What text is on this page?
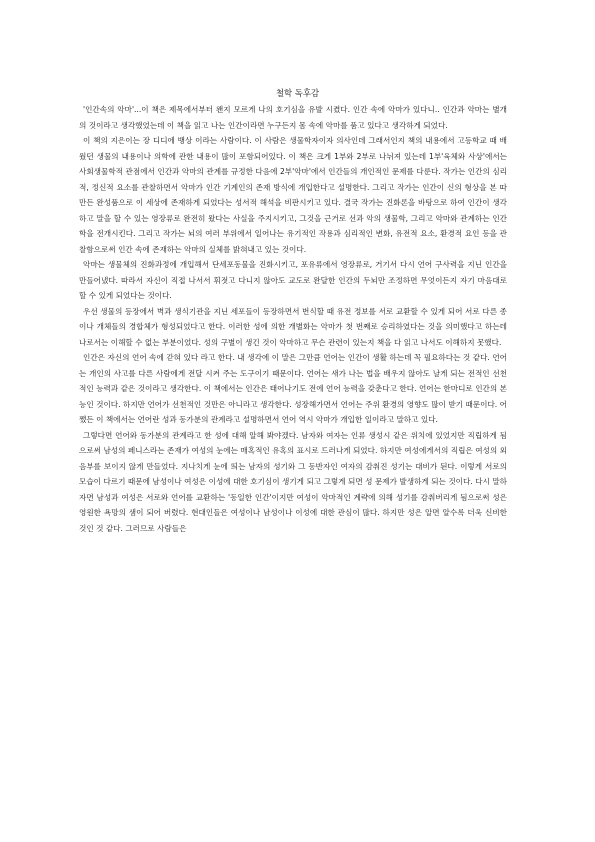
철학 독후감

'인간속의 악마'...이 책은 제목에서부터 왠지 모르게 나의 호기심을 유발 시켰다. 인간 속에 악마가 있다니.. 인간과 악마는 별개의 것이라고 생각했었는데 이 책을 읽고 나는 인간이라면 누구든지 몸 속에 악마를 품고 있다고 생각하게 되었다.

이 책의 지은이는 장 디디에 뱅상 이라는 사람이다. 이 사람은 생물학자이자 의사인데 그래서인지 책의 내용에서 고등학교 때 배웠던 생물의 내용이나 의학에 관한 내용이 많이 포함되어있다. 이 책은 크게 1부와 2부로 나뉘져 있는데 1부'육체와 사상'에서는 사회생물학적 관점에서 인간과 악마의 관계를 규정한 다음에 2부'악마'에서 인간들의 개인적인 문제를 다룬다. 작가는 인간의 심리적, 정신적 요소를 관찰하면서 악마가 인간 기계인의 존재 방식에 개입한다고 설명한다. 그리고 작가는 인간이 신의 형상을 본 따 만든 완성품으로 이 세상에 존재하게 되었다는 성서적 해석을 비판시키고 있다. 결국 작가는 진화론을 바탕으로 하여 인간이 생각하고 말을 할 수 있는 영장류로 완전히 왔다는 사실을 주지시키고, 그것을 근거로 선과 악의 생물학, 그리고 악마와 관계하는 인간학을 전개시킨다. 그리고 작가는 뇌의 여러 부위에서 일어나는 유기적인 작용과 심리적인 변화, 유전적 요소, 환경적 요인 등을 관찰함으로써 인간 속에 존재하는 악마의 실체를 밝혀내고 있는 것이다.

악마는 생물체의 진화과정에 개입해서 단세포동물을 진화시키고, 포유류에서 영장류로, 거기서 다시 언어 구사력을 지닌 인간을 만들어냈다. 따라서 자신이 직접 나서서 휘젓고 다니지 않아도 교도로 완달한 인간의 두뇌만 조정하면 무엇이든지 자기 마음대로 할 수 있게 되었다는 것이다.

우선 생물의 등장에서 벽과 생식기관을 지닌 세포들이 등장하면서 번식할 때 유전 정보를 서로 교환할 수 있게 되어 서로 다른 종이나 개체들의 경합체가 형성되었다고 한다. 이러한 성에 의한 개별화는 악마가 첫 번째로 승리하였다는 것을 의미했다고 하는데 나로서는 이해할 수 없는 부분이었다. 성의 구별이 생긴 것이 악마하고 무슨 관련이 있는지 책을 다 읽고 나서도 이해하지 못했다.

인간은 자신의 언어 속에 갇혀 있다 라고 한다. 내 생각에 이 말은 그만큼 언어는 인간이 생활 하는데 꼭 필요하다는 것 같다. 언어는 개인의 사고를 다른 사람에게 전달 시켜 주는 도구이기 때문이다. 언어는 새가 나는 법을 배우지 않아도 날게 되는 전적인 선천적인 능력과 같은 것이라고 생각한다. 이 책에서는 인간은 태어나기도 전에 언어 능력을 갖춘다고 한다. 언어는 한마디로 인간의 본능인 것이다. 하지만 언어가 선천적인 것만은 아니라고 생각한다. 성장해가면서 언어는 주위 환경의 영향도 많이 받기 때문이다. 어쨌든 이 책에서는 언어란 성과 동가분의 관계라고 설명하면서 언어 역시 악마가 개입한 일이라고 말하고 있다.

그렇다면 언어와 동가분의 관계라고 한 성에 대해 알해 봐야겠다. 남자와 여자는 인류 생성시 같은 위치에 있었지만 직립하게 됨으로써 남성의 페니스라는 존재가 여성의 눈에는 매혹적인 유혹의 표시로 드러나게 되었다. 하지만 여성에게서의 직립은 여성의 외음부를 보이지 않게 만들었다. 지나치게 눈에 띄는 남자의 성기와 그 동반자인 여자의 감춰진 성기는 대비가 된다. 이렇게 서로의 모습이 다르기 때문에 남성이나 여성은 이성에 대한 호기심이 생기게 되고 그렇게 되면 성 문제가 발생하게 되는 것이다. 다시 말하자면 남성과 여성은 서로와 언어를 교환하는 '동일한 인간'이지만 여성이 악마적인 계략에 의해 성기를 감춰버리게 됨으로써 성은 영원한 욕망의 샘이 되어 버렸다. 현대인들은 여성이나 남성이나 이성에 대한 관심이 많다. 하지만 성은 알면 알수록 더욱 신비한 것인 것 같다. 그러므로 사람들은
